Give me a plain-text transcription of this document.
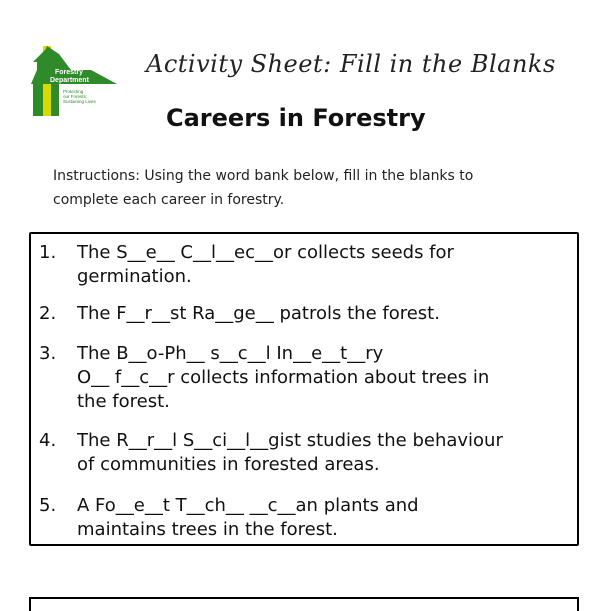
Forestry
Department
Protecting
our Forests;
Sustaining Lives
Activity Sheet: Fill in the Blanks
Careers in Forestry
Instructions: Using the word bank below, fill in the blanks to
complete each career in forestry.
1.	The S__e__ C__l__ec__or collects seeds for
germination.
2.	The F__r__st Ra__ge__ patrols the forest.
3.	The B__o-Ph__ s__c__l In__e__t__ry
O__ f__c__r collects information about trees in
the forest.
4.	The R__r__l S__ci__l__gist studies the behaviour
of communities in forested areas.
5.	A Fo__e__t T__ch__ __c__an plants and
maintains trees in the forest.
